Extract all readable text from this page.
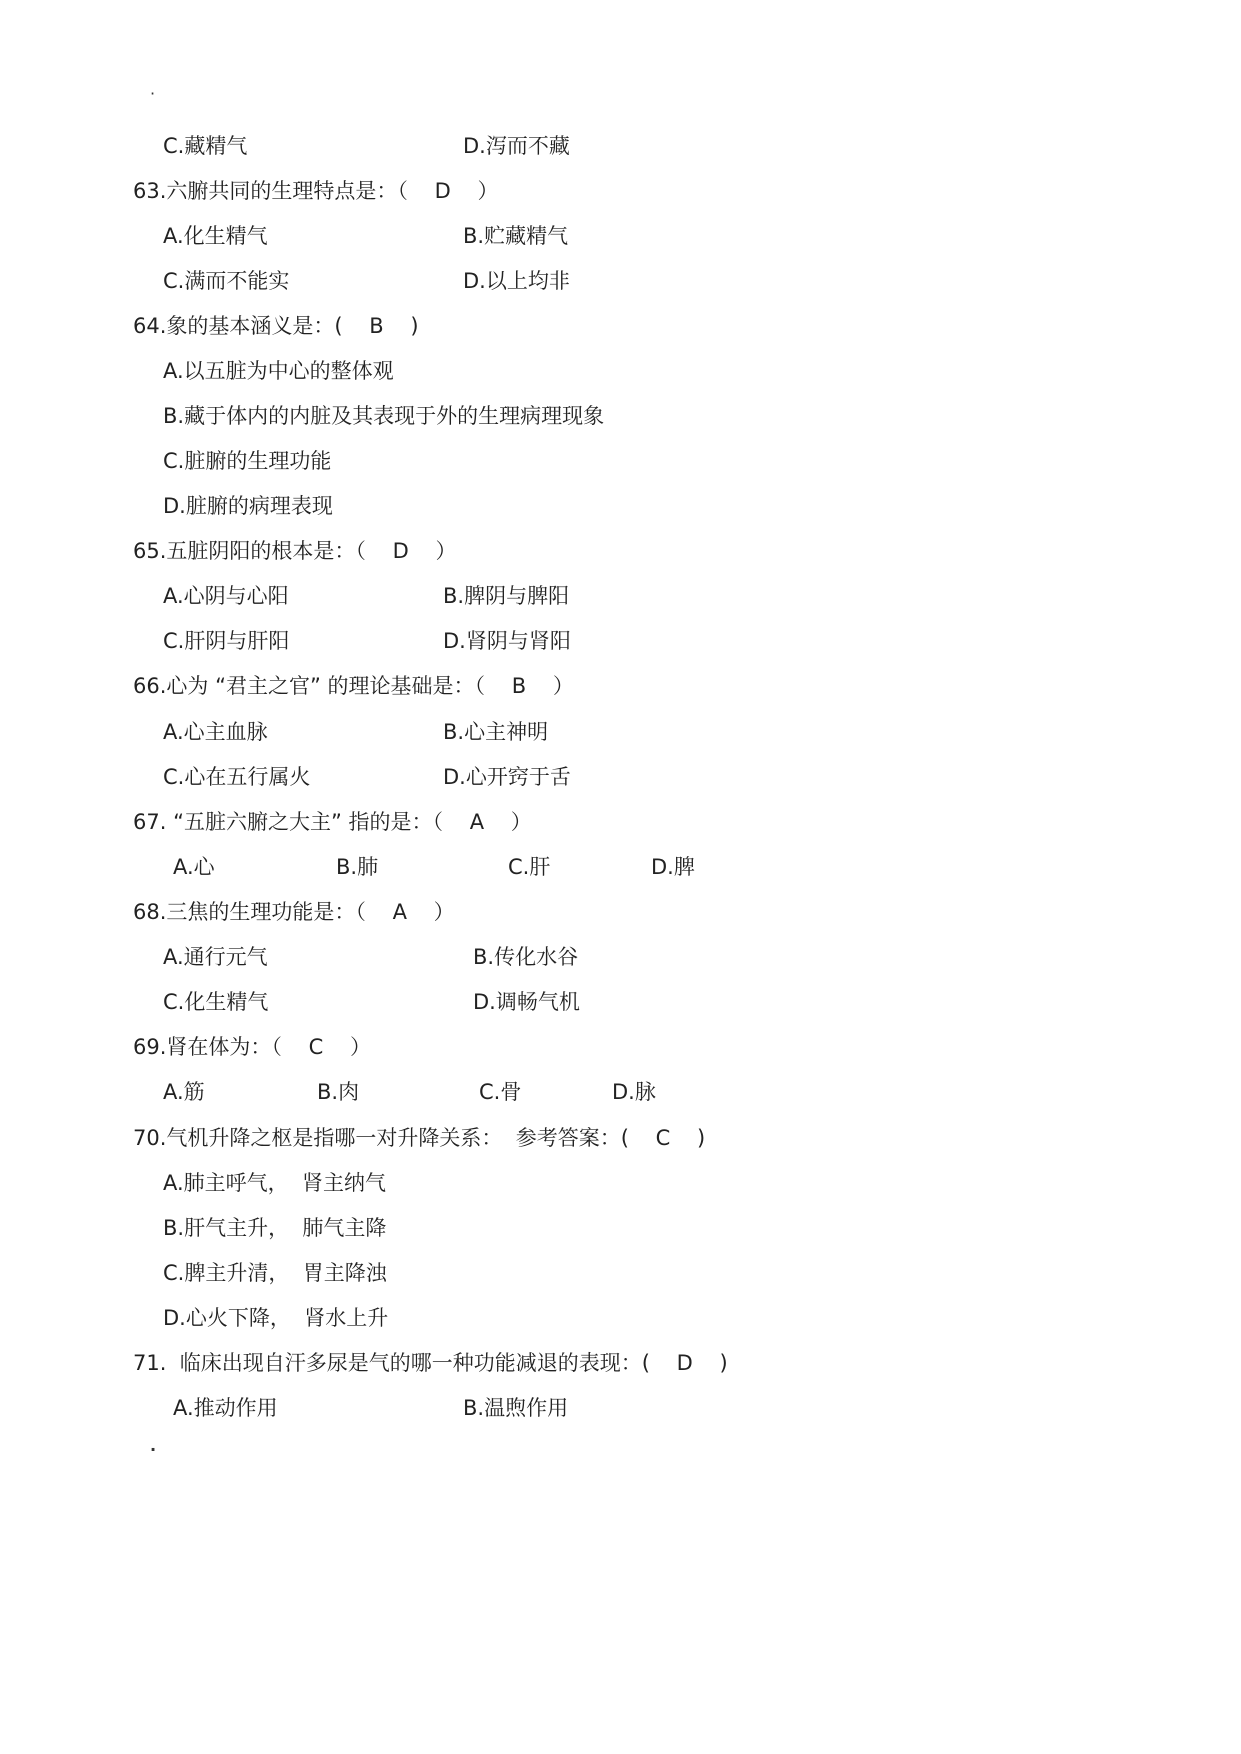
·
C.藏精气	D.泻而不藏
63.六腑共同的生理特点是：（    D    ）
A.化生精气	B.贮藏精气
C.满而不能实	D.以上均非
64.象的基本涵义是：(    B    )
A.以五脏为中心的整体观
B.藏于体内的内脏及其表现于外的生理病理现象
C.脏腑的生理功能
D.脏腑的病理表现
65.五脏阴阳的根本是：（    D    ）
A.心阴与心阳	B.脾阴与脾阳
C.肝阴与肝阳	D.肾阴与肾阳
66.心为 “君主之官” 的理论基础是：（    B    ）
A.心主血脉	B.心主神明
C.心在五行属火	D.心开窍于舌
67. “五脏六腑之大主” 指的是：（    A    ）
A.心	B.肺	C.肝	D.脾
68.三焦的生理功能是：（    A    ）
A.通行元气	B.传化水谷
C.化生精气	D.调畅气机
69.肾在体为：（    C    ）
A.筋	B.肉	C.骨	D.脉
70.气机升降之枢是指哪一对升降关系：  参考答案：(    C    )
A.肺主呼气，  肾主纳气
B.肝气主升，  肺气主降
C.脾主升清，  胃主降浊
D.心火下降，  肾水上升
71.  临床出现自汗多尿是气的哪一种功能减退的表现：(    D    )
A.推动作用	B.温煦作用
·
